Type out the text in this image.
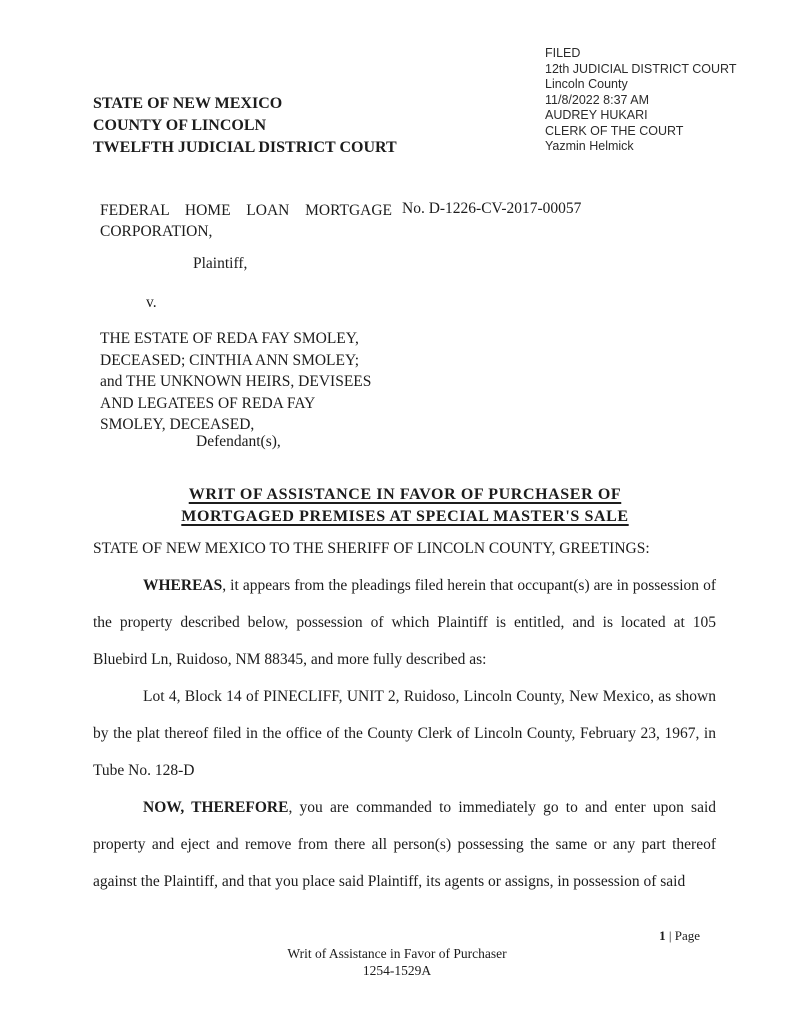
FILED
12th JUDICIAL DISTRICT COURT
Lincoln County
11/8/2022 8:37 AM
AUDREY HUKARI
CLERK OF THE COURT
Yazmin Helmick
STATE OF NEW MEXICO
COUNTY OF LINCOLN
TWELFTH JUDICIAL DISTRICT COURT
FEDERAL HOME LOAN MORTGAGE CORPORATION,
No. D-1226-CV-2017-00057
Plaintiff,
v.
THE ESTATE OF REDA FAY SMOLEY,
DECEASED; CINTHIA ANN SMOLEY;
and THE UNKNOWN HEIRS, DEVISEES
AND LEGATEES OF REDA FAY
SMOLEY, DECEASED,
Defendant(s),
WRIT OF ASSISTANCE IN FAVOR OF PURCHASER OF
MORTGAGED PREMISES AT SPECIAL MASTER'S SALE
STATE OF NEW MEXICO TO THE SHERIFF OF LINCOLN COUNTY, GREETINGS:

WHEREAS, it appears from the pleadings filed herein that occupant(s) are in possession of the property described below, possession of which Plaintiff is entitled, and is located at 105 Bluebird Ln, Ruidoso, NM 88345, and more fully described as:

Lot 4, Block 14 of PINECLIFF, UNIT 2, Ruidoso, Lincoln County, New Mexico, as shown by the plat thereof filed in the office of the County Clerk of Lincoln County, February 23, 1967, in Tube No. 128-D

NOW, THEREFORE, you are commanded to immediately go to and enter upon said property and eject and remove from there all person(s) possessing the same or any part thereof against the Plaintiff, and that you place said Plaintiff, its agents or assigns, in possession of said

1 | Page
Writ of Assistance in Favor of Purchaser
1254-1529A
